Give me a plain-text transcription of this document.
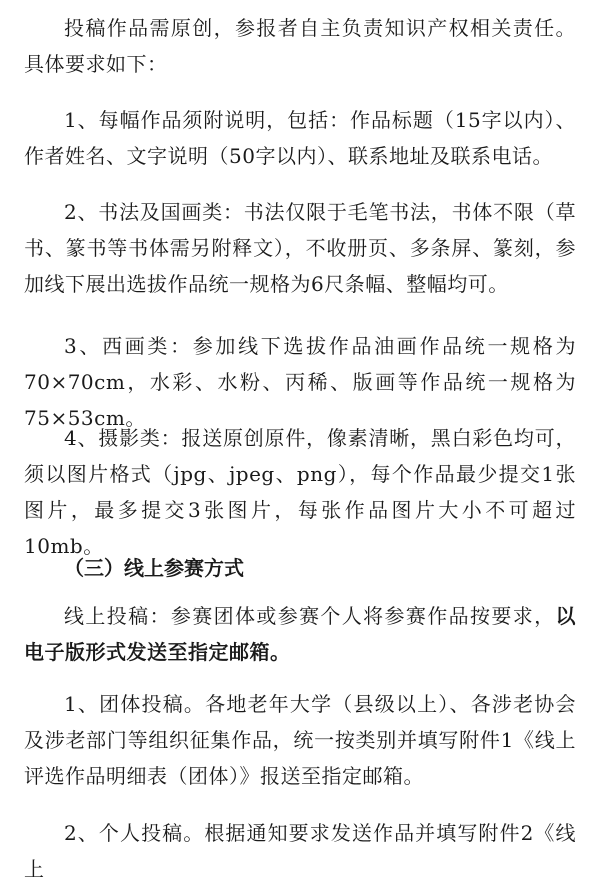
投稿作品需原创，参报者自主负责知识产权相关责任。具体要求如下：

1、每幅作品须附说明，包括：作品标题（15字以内）、作者姓名、文字说明（50字以内）、联系地址及联系电话。

2、书法及国画类：书法仅限于毛笔书法，书体不限（草书、篆书等书体需另附释文），不收册页、多条屏、篆刻，参加线下展出选拔作品统一规格为6尺条幅、整幅均可。

3、西画类：参加线下选拔作品油画作品统一规格为70×70cm，水彩、水粉、丙稀、版画等作品统一规格为75×53cm。

4、摄影类：报送原创原件，像素清晰，黑白彩色均可，须以图片格式（jpg、jpeg、png），每个作品最少提交1张图片，最多提交3张图片，每张作品图片大小不可超过10mb。

（三）线上参赛方式

线上投稿：参赛团体或参赛个人将参赛作品按要求，以电子版形式发送至指定邮箱。

1、团体投稿。各地老年大学（县级以上）、各涉老协会及涉老部门等组织征集作品，统一按类别并填写附件1《线上评选作品明细表（团体）》报送至指定邮箱。

2、个人投稿。根据通知要求发送作品并填写附件2《线上
